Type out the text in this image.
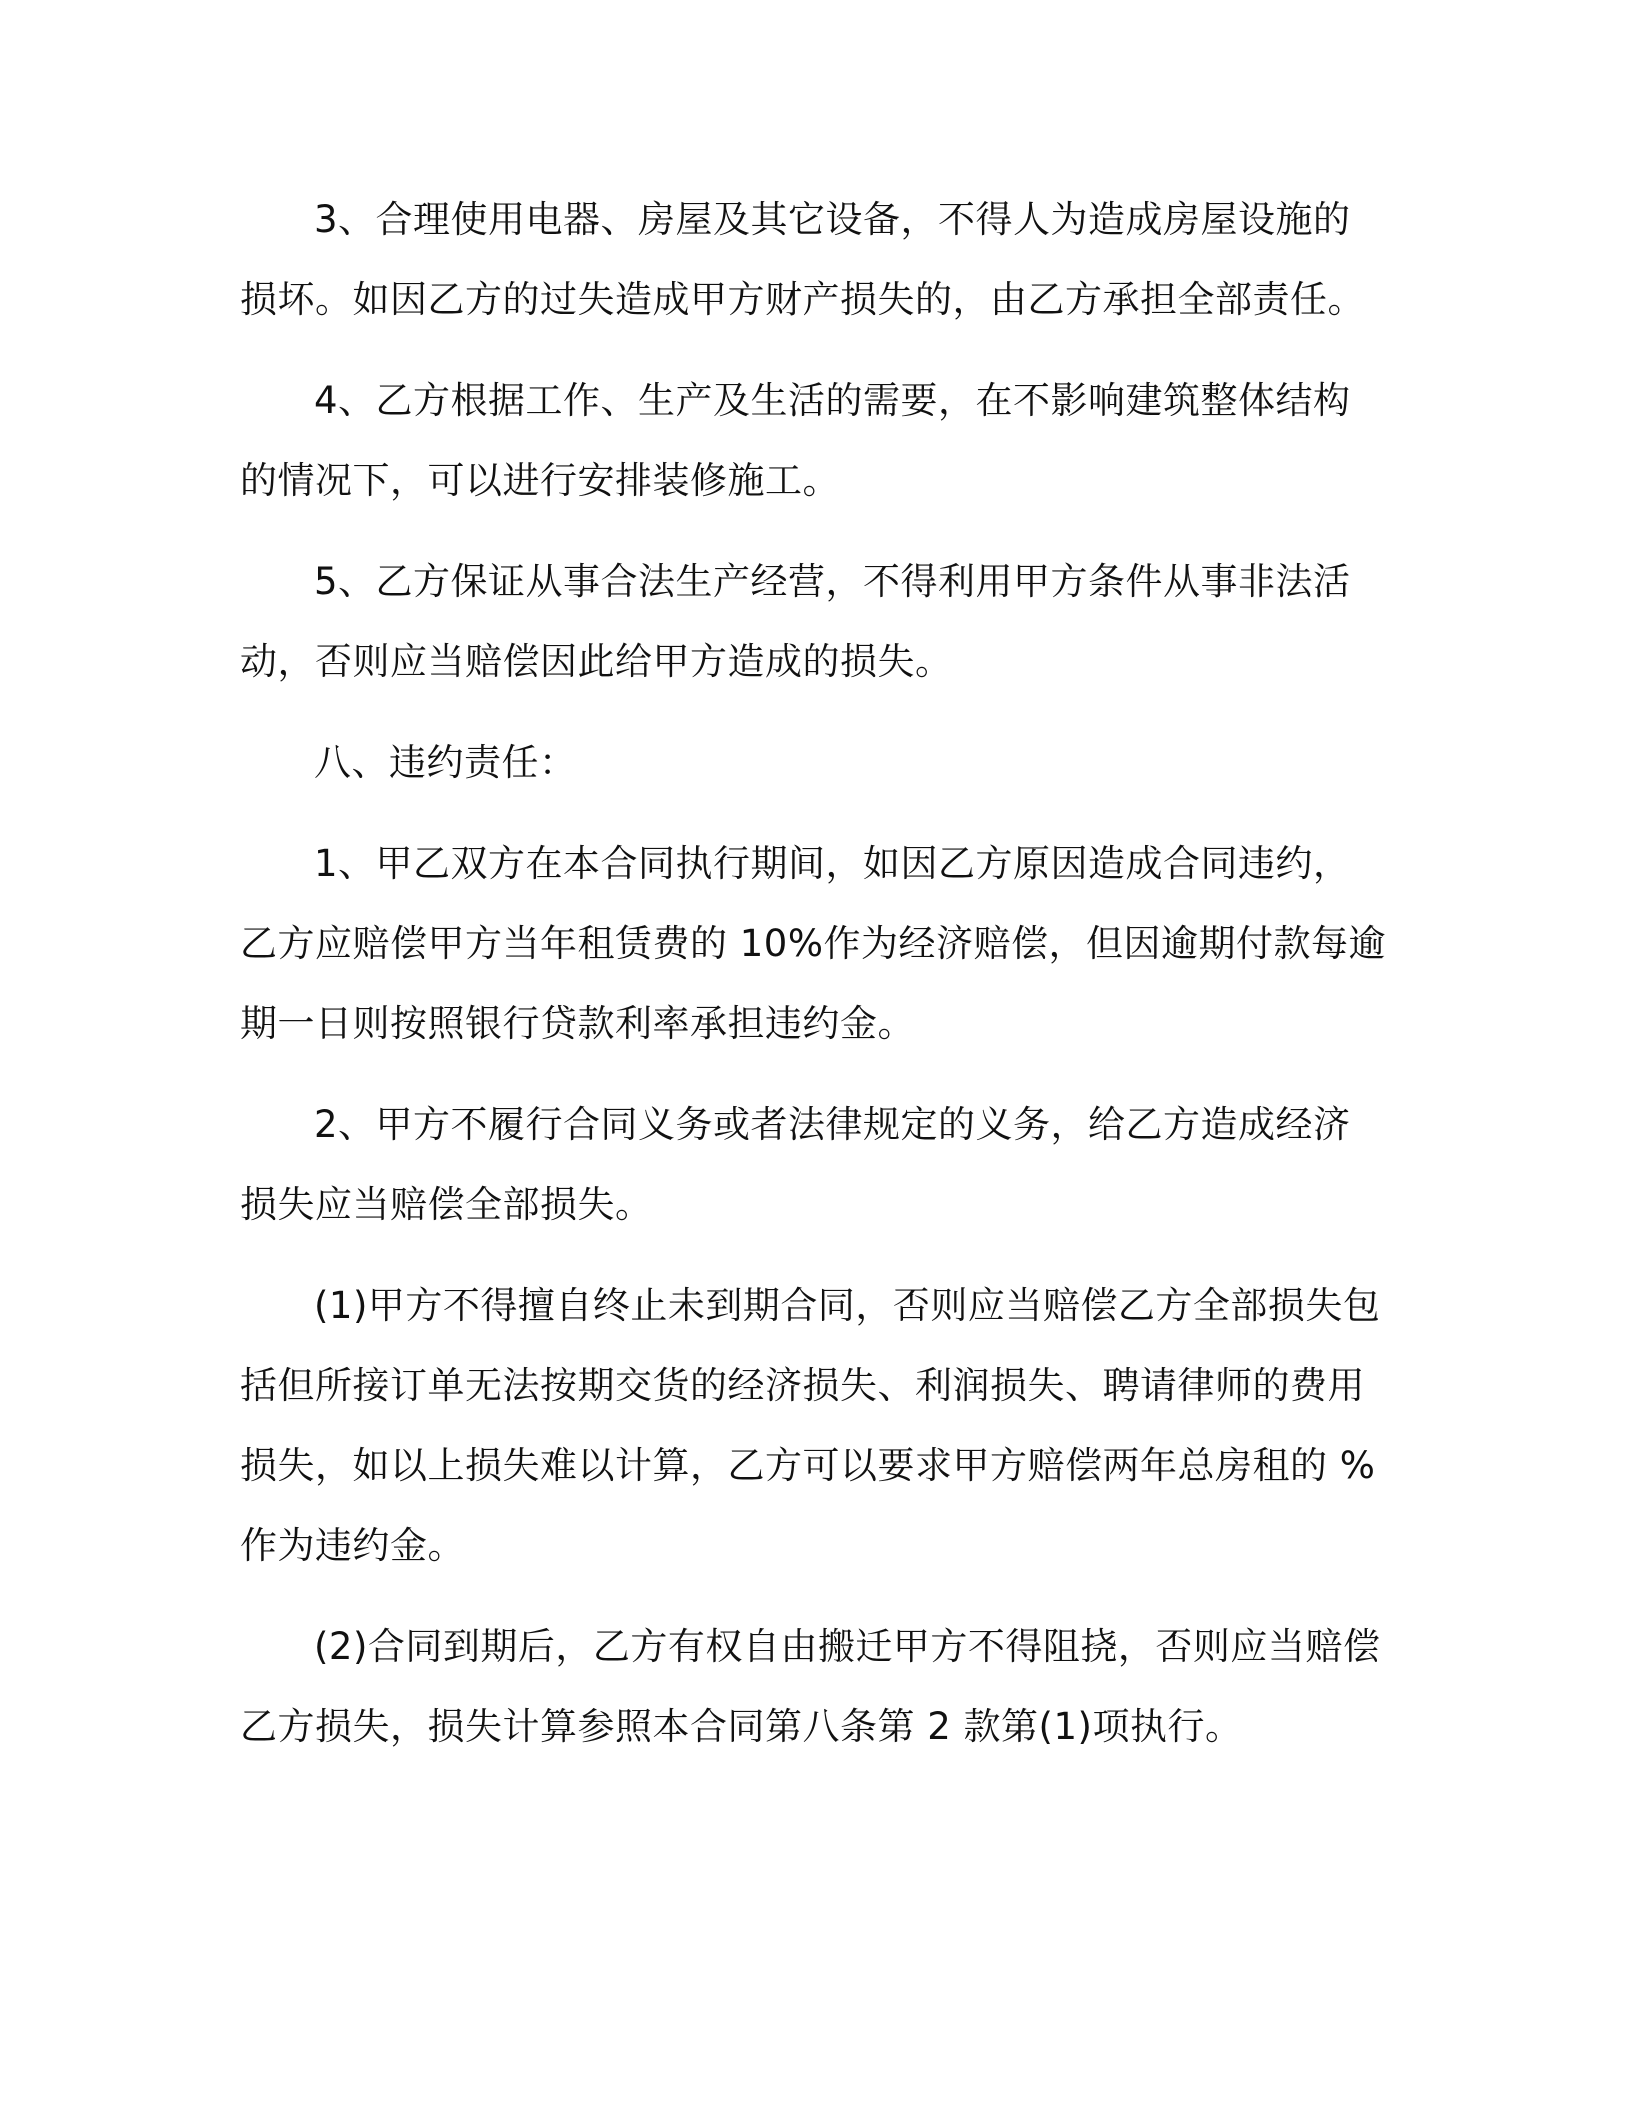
3、合理使用电器、房屋及其它设备，不得人为造成房屋设施的
损坏。如因乙方的过失造成甲方财产损失的，由乙方承担全部责任。

4、乙方根据工作、生产及生活的需要，在不影响建筑整体结构
的情况下，可以进行安排装修施工。

5、乙方保证从事合法生产经营，不得利用甲方条件从事非法活
动，否则应当赔偿因此给甲方造成的损失。

八、违约责任：

1、甲乙双方在本合同执行期间，如因乙方原因造成合同违约，
乙方应赔偿甲方当年租赁费的 10%作为经济赔偿，但因逾期付款每逾
期一日则按照银行贷款利率承担违约金。

2、甲方不履行合同义务或者法律规定的义务，给乙方造成经济
损失应当赔偿全部损失。

(1)甲方不得擅自终止未到期合同，否则应当赔偿乙方全部损失包
括但所接订单无法按期交货的经济损失、利润损失、聘请律师的费用
损失，如以上损失难以计算，乙方可以要求甲方赔偿两年总房租的 %
作为违约金。

(2)合同到期后，乙方有权自由搬迁甲方不得阻挠，否则应当赔偿
乙方损失，损失计算参照本合同第八条第 2 款第(1)项执行。
